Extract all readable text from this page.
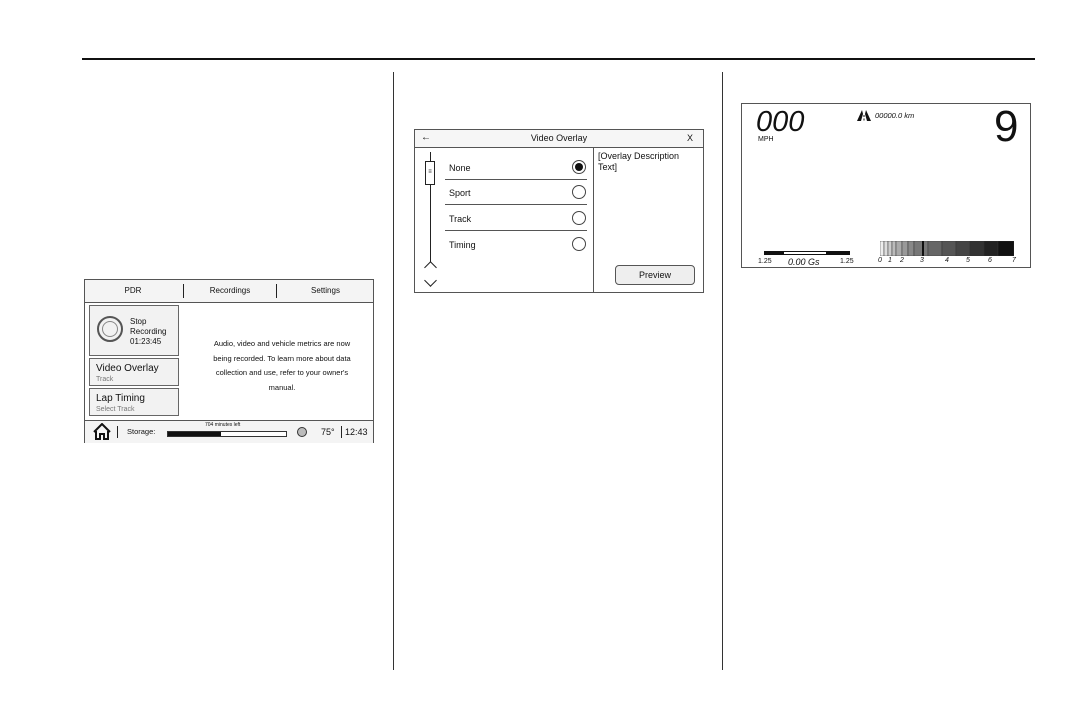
PDR	Recordings	Settings
Stop
Recording
01:23:45
Video Overlay
Track
Lap Timing
Select Track
Audio, video and vehicle metrics are now
being recorded. To learn more about data
collection and use, refer to your owner's
manual.
Storage:
704 minutes left
75° 12:43
Video Overlay
←	X
≡	None
Sport
Track
Timing
[Overlay Description Text]
Preview
000
MPH
00000.0 km 9
1.25 0.00 Gs	1.25	0 1 2 3	4 5	6	7
